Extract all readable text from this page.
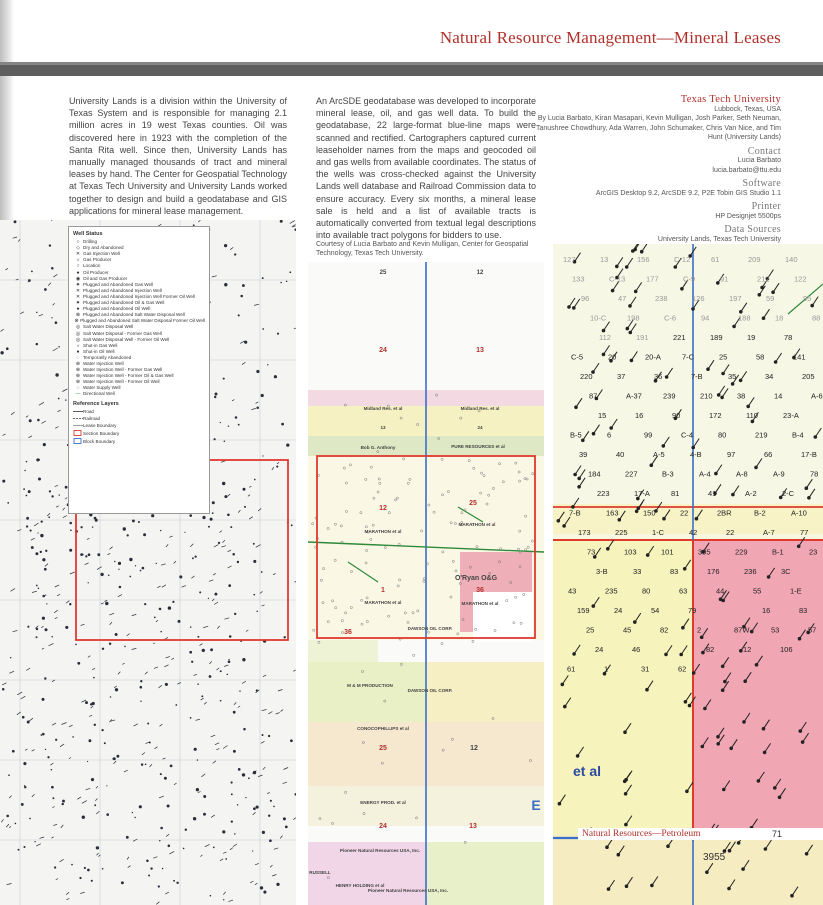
Natural Resource Management—Mineral Leases
University Lands is a division within the University of Texas System and is responsible for managing 2.1 million acres in 19 west Texas counties. Oil was discovered here in 1923 with the completion of the Santa Rita well. Since then, University Lands has manually managed thousands of tract and mineral leases by hand. The Center for Geospatial Technology at Texas Tech University and University Lands worked together to design and build a geodatabase and GIS applications for mineral lease management.
An ArcSDE geodatabase was developed to incorporate mineral lease, oil, and gas well data. To build the geodatabase, 22 large-format blue-line maps were scanned and rectified. Cartographers captured current leaseholder names from the maps and geocoded oil and gas wells from available coordinates. The status of the wells was cross-checked against the University Lands well database and Railroad Commission data to ensure accuracy. Every six months, a mineral lease sale is held and a list of available tracts is automatically converted from textual legal descriptions into available tract polygons for bidders to use.
Courtesy of Lucia Barbato and Kevin Mulligan, Center for Geospatial Technology, Texas Tech University.
Texas Tech University
Lubbock, Texas, USA
By Lucia Barbato, Kiran Masapari, Kevin Mulligan, Josh Parker, Seth Neuman, Tanushree Chowdhury, Ada Warren, John Schumaker, Chris Van Nice, and Tim Hunt (University Lands)
Contact
Lucia Barbato
lucia.barbato@ttu.edu
Software
ArcGIS Desktop 9.2, ArcSDE 9.2, P2E Tobin GIS Studio 1.1
Printer
HP Designjet 5500ps
Data Sources
University Lands, Texas Tech University
Well Status
○ Drilling
◇ Dry and Abandoned
✕ Gas Injection Well
☼ Gas Producer
○ Location
● Oil Producer
◉ Oil and Gas Producer
✷ Plugged and Abandoned Gas Well
✕ Plugged and Abandoned Injection Well
✕ Plugged and Abandoned Injection Well Former Oil Well
✷ Plugged and Abandoned Oil & Gas Well
● Plugged and Abandoned Oil Well
⊗ Plugged and Abandoned Salt Water Disposal Well
⊗ Plugged and Abandoned Salt Water Disposal Former Oil Well
◎ Salt Water Disposal Well
◎ Salt Water Disposal - Former Gas Well
◎ Salt Water Disposal Well - Former Oil Well
☼ Shut-in Gas Well
● Shut-in Oil Well
◌ Temporarily Abandoned
⊕ Water Injection Well
⊕ Water Injection Well - Former Gas Well
⊕ Water Injection Well - Former Oil & Gas Well
⊕ Water Injection Well - Former Oil Well
◌ Water Supply Well
— Directional Well
Reference Layers
Road
Railroad
Lease Boundary
Section Boundary
Block Boundary
25	12
24	13
Midland Res. et al	Midland Res. et al
13	24
Bob G. Anthony	PURE RESOURCES et al
12
25
MARATHON et al
MARATHON et al
O'Ryan O&G
1	36
MARATHON et al	MARATHON et al
36
DAWSON OIL CORP.
M & M PRODUCTION
DAWSON OIL CORP.
CONOCOPHILLIPS et al
25	12
ENERGY PROD. et al
24	13
Pioneer Natural Resources USA, Inc.
RUSSELL
HENRY HOLDING et al
Pioneer Natural Resources USA, Inc.
E
127	13	156	C-12	61	209	140
133	C-13	177	C-9	91	212	122
96	47	238	126	197	59	95
10-C	198	C-6	94	188	18	88
112	191	221	189	19	78
C-5	20	20-A	7-C	25	58	141
220	37	36	7-B	35	34	205
87	A-37	239	210	38	14	A-6
15	16	90	172	110	23-A
B-5	6	99	C-4	80	219	B-4
39	40	A-5	4-B	97	66	17-B
184	227	B-3	A-4	A-8	A-9	78
223	17-A	81	41	A-2	2-C
7-B	163	150	22	2BR	B-2	A-10
173	225	1-C	42	22	A-7	77
73	103	101	395	229	B-1	23
3-B	33	83	176	236	3C
43	235	80	63	44	55	1-E
159	24	54	79
et al
16	83
25	45	82	2	87W	53	57
24	46
3955
82	12	106
61	1	31	62
Natural Resources—Petroleum	71
